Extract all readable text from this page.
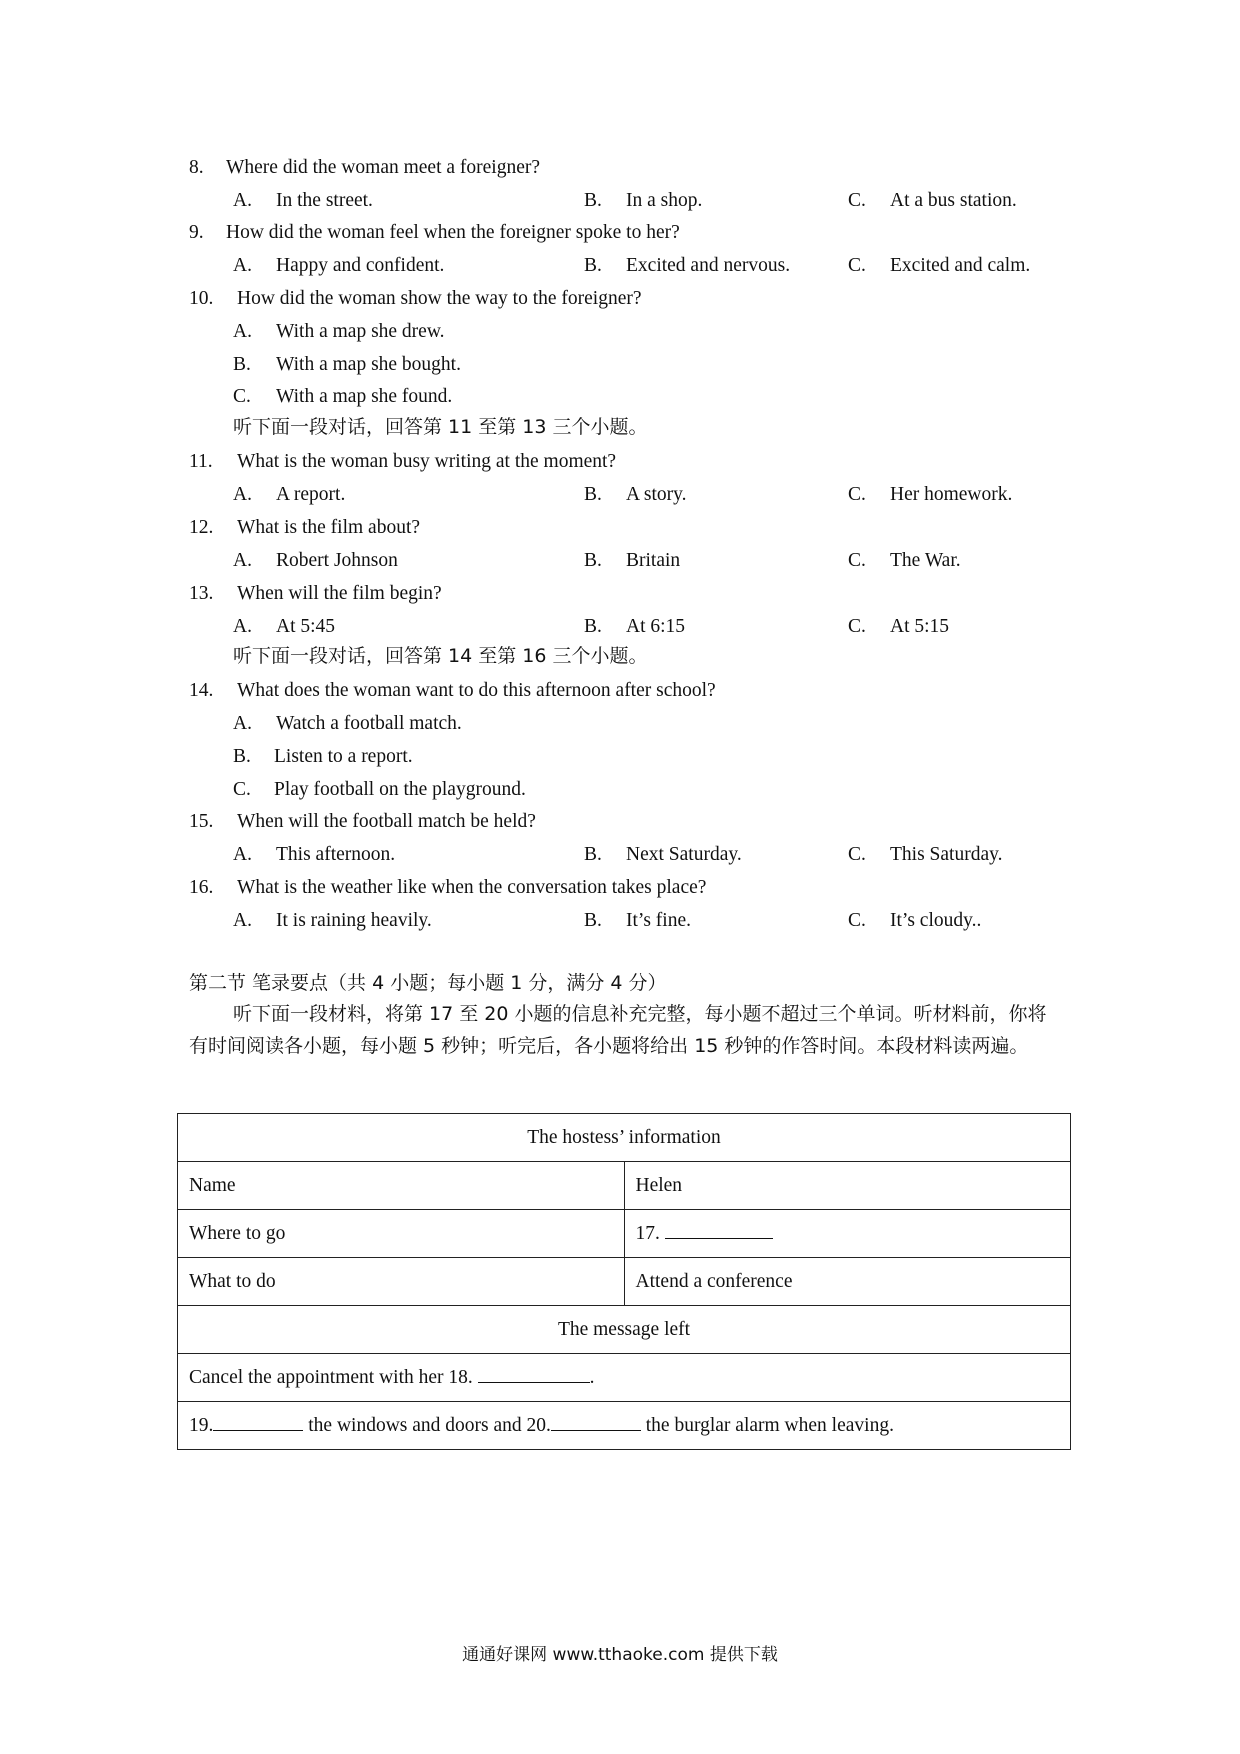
8. Where did the woman meet a foreigner?
A. In the street.	B. In a shop.	C. At a bus station.
9. How did the woman feel when the foreigner spoke to her?
A. Happy and confident.	B. Excited and nervous.	C. Excited and calm.
10. How did the woman show the way to the foreigner?
A. With a map she drew.
B. With a map she bought.
C. With a map she found.
听下面一段对话，回答第 11 至第 13 三个小题。
11. What is the woman busy writing at the moment?
A. A report.	B. A story.	C. Her homework.
12. What is the film about?
A. Robert Johnson	B. Britain	C. The War.
13. When will the film begin?
A. At 5:45	B. At 6:15	C. At 5:15
听下面一段对话，回答第 14 至第 16 三个小题。
14. What does the woman want to do this afternoon after school?
A. Watch a football match.
B. Listen to a report.
C. Play football on the playground.
15. When will the football match be held?
A. This afternoon.	B. Next Saturday.	C. This Saturday.
16. What is the weather like when the conversation takes place?
A. It is raining heavily.	B. It’s fine.	C. It’s cloudy..
第二节 笔录要点（共 4 小题；每小题 1 分，满分 4 分）
听下面一段材料，将第 17 至 20 小题的信息补充完整，每小题不超过三个单词。听材料前，你将有时间阅读各小题，每小题 5 秒钟；听完后，各小题将给出 15 秒钟的作答时间。本段材料读两遍。
The hostess’ information	
Name	Helen
Where to go	17.
What to do	Attend a conference
The message left	
Cancel the appointment with her 18. .	
19. the windows and doors and 20. the burglar alarm when leaving.	
通通好课网 www.tthaoke.com 提供下载
